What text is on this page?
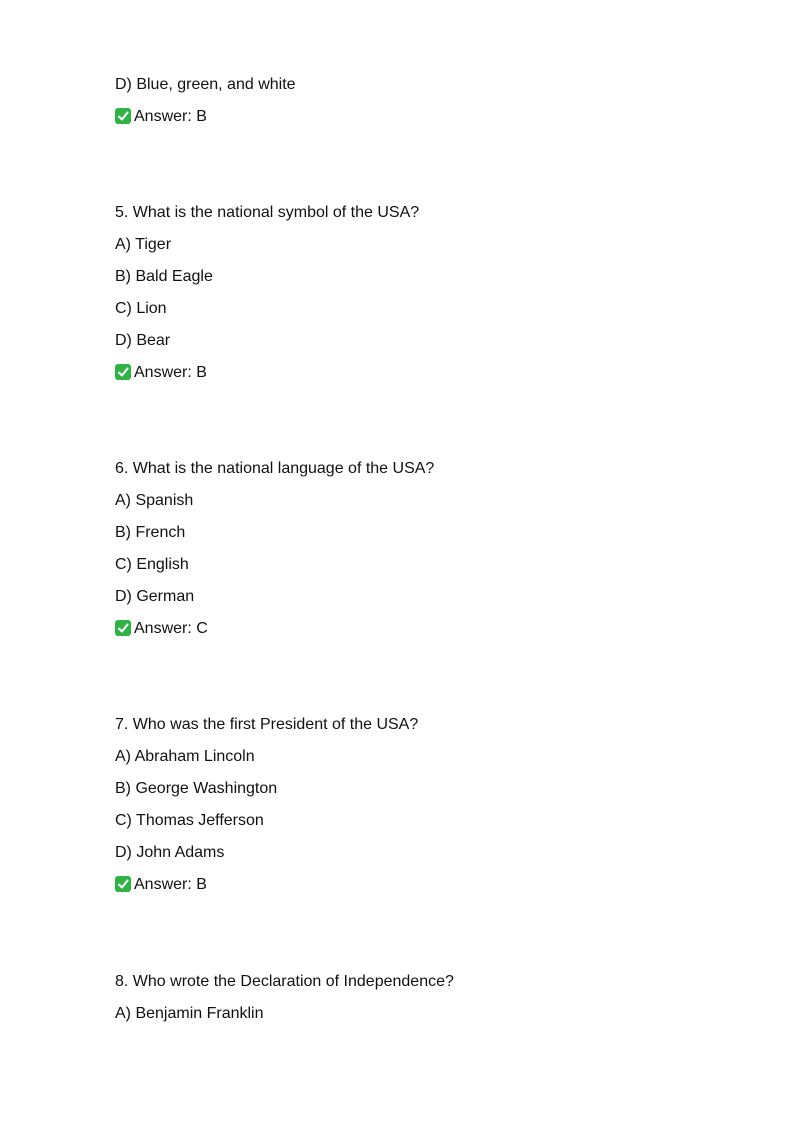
D) Blue, green, and white
Answer: B
5. What is the national symbol of the USA?
A) Tiger
B) Bald Eagle
C) Lion
D) Bear
Answer: B
6. What is the national language of the USA?
A) Spanish
B) French
C) English
D) German
Answer: C
7. Who was the first President of the USA?
A) Abraham Lincoln
B) George Washington
C) Thomas Jefferson
D) John Adams
Answer: B
8. Who wrote the Declaration of Independence?
A) Benjamin Franklin
